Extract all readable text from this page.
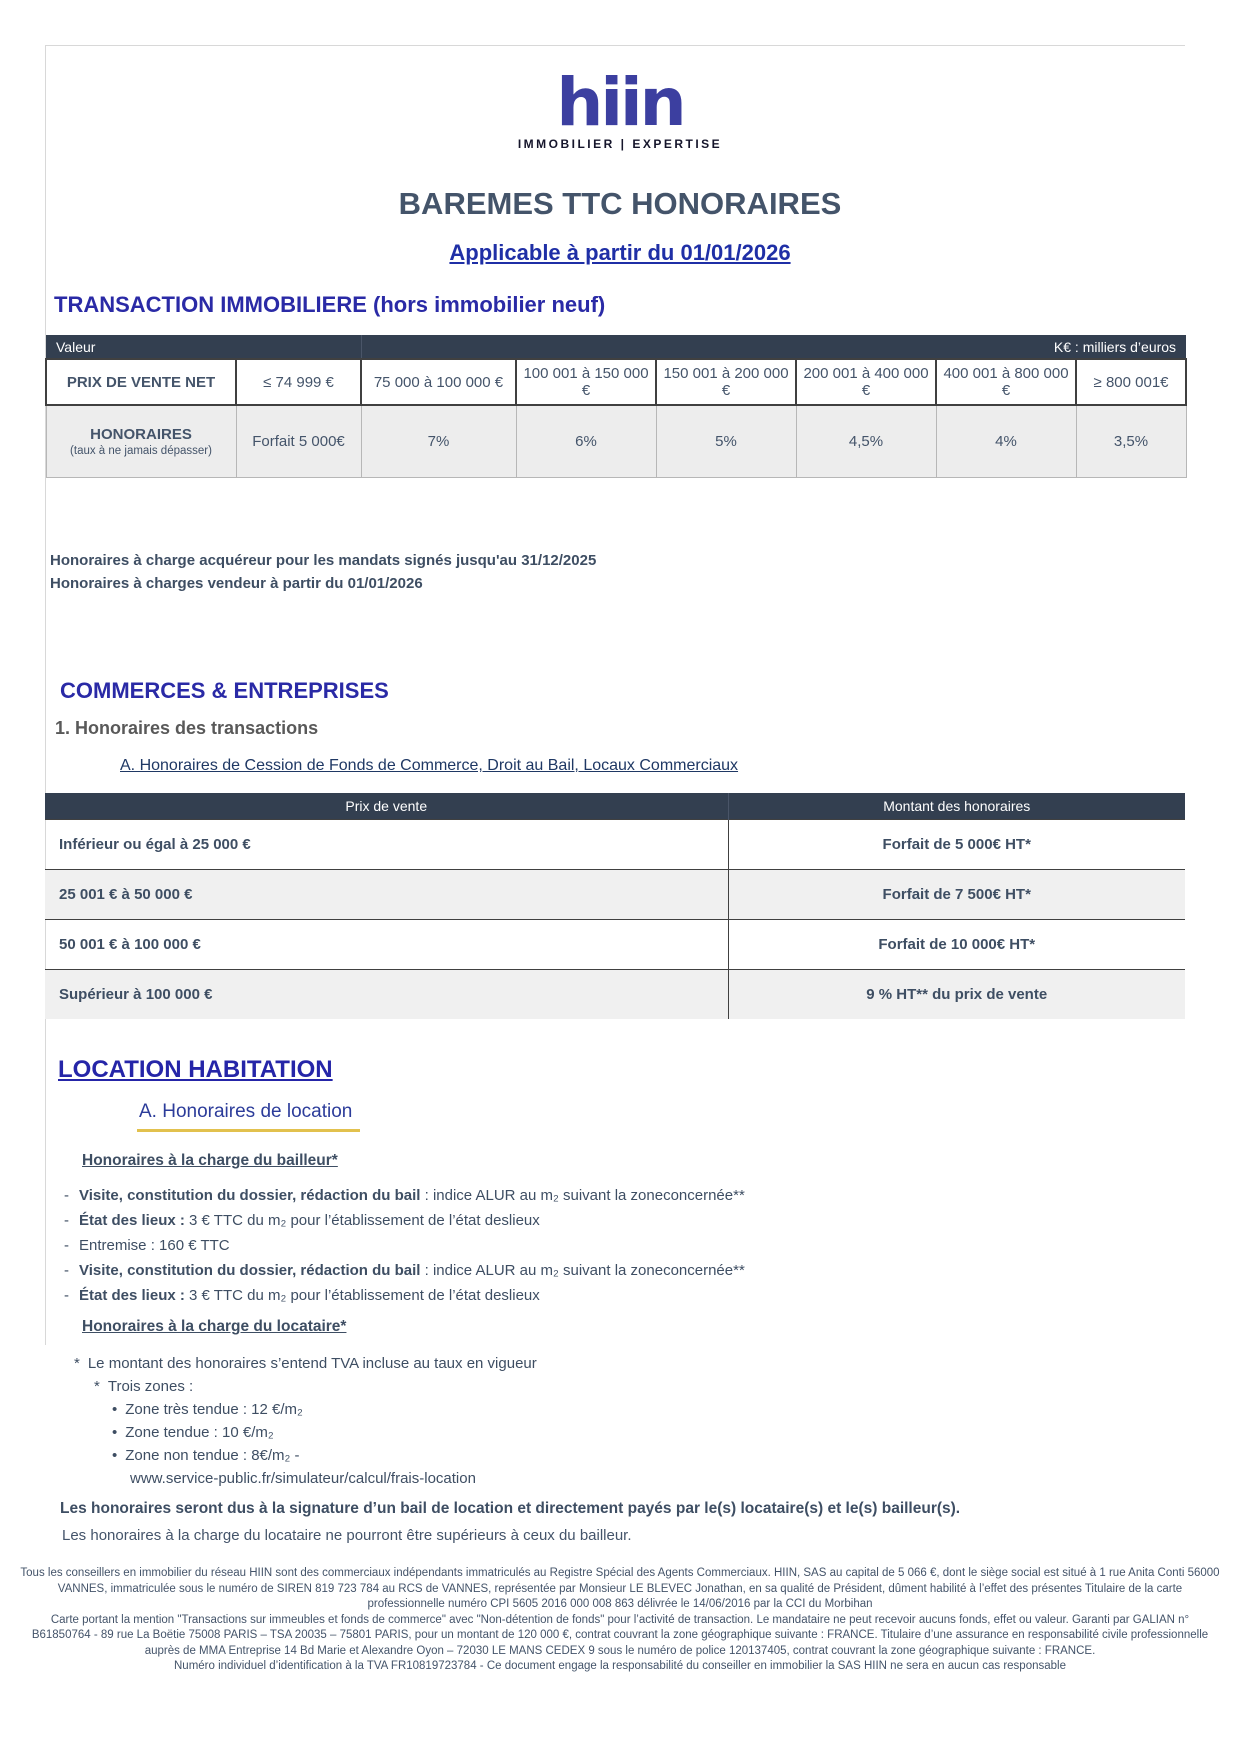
hiin
IMMOBILIER | EXPERTISE
BAREMES TTC HONORAIRES
Applicable à partir du 01/01/2026
TRANSACTION IMMOBILIERE (hors immobilier neuf)
Valeur		K€ : milliers d’euros					
PRIX DE VENTE NET	≤ 74 999 €	75 000 à 100 000 €	100 001 à 150 000 €	150 001 à 200 000 €	200 001 à 400 000 €	400 001 à 800 000 €	≥ 800 001€
HONORAIRES
(taux à ne jamais dépasser)	Forfait 5 000€	7%	6%	5%	4,5%	4%	3,5%
Honoraires à charge acquéreur pour les mandats signés jusqu'au 31/12/2025
Honoraires à charges vendeur à partir du 01/01/2026
COMMERCES & ENTREPRISES
1. Honoraires des transactions
A. Honoraires de Cession de Fonds de Commerce, Droit au Bail, Locaux Commerciaux
Prix de vente	Montant des honoraires
Inférieur ou égal à 25 000 €	Forfait de 5 000€ HT*
25 001 € à 50 000 €	Forfait de 7 500€ HT*
50 001 € à 100 000 €	Forfait de 10 000€ HT*
Supérieur à 100 000 €	9 % HT** du prix de vente
LOCATION HABITATION
A. Honoraires de location
Honoraires à la charge du bailleur*
- Visite, constitution du dossier, rédaction du bail : indice ALUR au m₂ suivant la zoneconcernée**
- État des lieux : 3 € TTC du m₂ pour l’établissement de l’état deslieux
- Entremise : 160 € TTC
- Visite, constitution du dossier, rédaction du bail : indice ALUR au m₂ suivant la zoneconcernée**
- État des lieux : 3 € TTC du m₂ pour l’établissement de l’état deslieux
Honoraires à la charge du locataire*
* Le montant des honoraires s’entend TVA incluse au taux en vigueur
* Trois zones :
• Zone très tendue : 12 €/m₂
• Zone tendue : 10 €/m₂
• Zone non tendue : 8€/m₂ -
www.service-public.fr/simulateur/calcul/frais-location
Les honoraires seront dus à la signature d’un bail de location et directement payés par le(s) locataire(s) et le(s) bailleur(s).
Les honoraires à la charge du locataire ne pourront être supérieurs à ceux du bailleur.

Tous les conseillers en immobilier du réseau HIIN sont des commerciaux indépendants immatriculés au Registre Spécial des Agents Commerciaux. HIIN, SAS au capital de 5 066 €, dont le siège social est situé à 1 rue Anita Conti 56000 VANNES, immatriculée sous le numéro de SIREN 819 723 784 au RCS de VANNES, représentée par Monsieur LE BLEVEC Jonathan, en sa qualité de Président, dûment habilité à l’effet des présentes Titulaire de la carte professionnelle numéro CPI 5605 2016 000 008 863 délivrée le 14/06/2016 par la CCI du Morbihan

Carte portant la mention "Transactions sur immeubles et fonds de commerce" avec "Non-détention de fonds" pour l’activité de transaction. Le mandataire ne peut recevoir aucuns fonds, effet ou valeur. Garanti par GALIAN n° B61850764 - 89 rue La Boëtie 75008 PARIS – TSA 20035 – 75801 PARIS, pour un montant de 120 000 €, contrat couvrant la zone géographique suivante : FRANCE. Titulaire d’une assurance en responsabilité civile professionnelle auprès de MMA Entreprise 14 Bd Marie et Alexandre Oyon – 72030 LE MANS CEDEX 9 sous le numéro de police 120137405, contrat couvrant la zone géographique suivante : FRANCE.

Numéro individuel d’identification à la TVA FR10819723784 - Ce document engage la responsabilité du conseiller en immobilier la SAS HIIN ne sera en aucun cas responsable
